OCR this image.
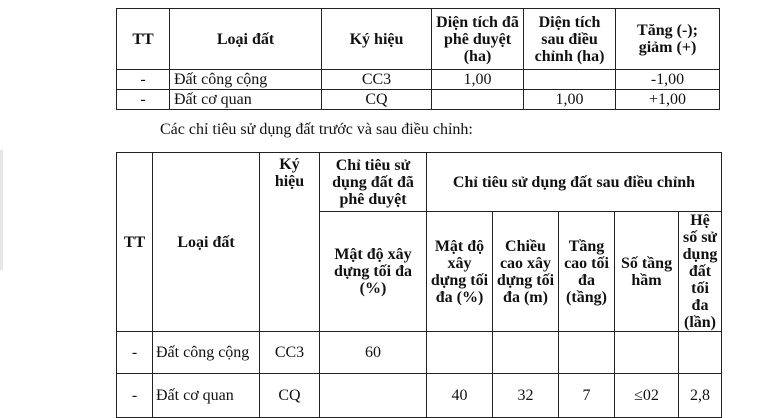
TT	Loại đất	Ký hiệu	Diện tích đã phê duyệt (ha)	Diện tích sau điều chỉnh (ha)	Tăng (-); giảm (+)
-	Đất công cộng	CC3	1,00		-1,00
-	Đất cơ quan	CQ		1,00	+1,00
Các chỉ tiêu sử dụng đất trước và sau điều chỉnh:
TT	Loại đất	Ký hiệu	Chỉ tiêu sử dụng đất đã phê duyệt	Chỉ tiêu sử dụng đất sau điều chỉnh				
			Mật độ xây dựng tối đa (%)	Mật độ xây dựng tối đa (%)	Chiều cao xây dựng tối đa (m)	Tầng cao tối đa (tầng)	Số tầng hầm	Hệ số sử dụng đất tối đa (lần)
-	Đất công cộng	CC3	60					
-	Đất cơ quan	CQ		40	32	7	≤02	2,8
